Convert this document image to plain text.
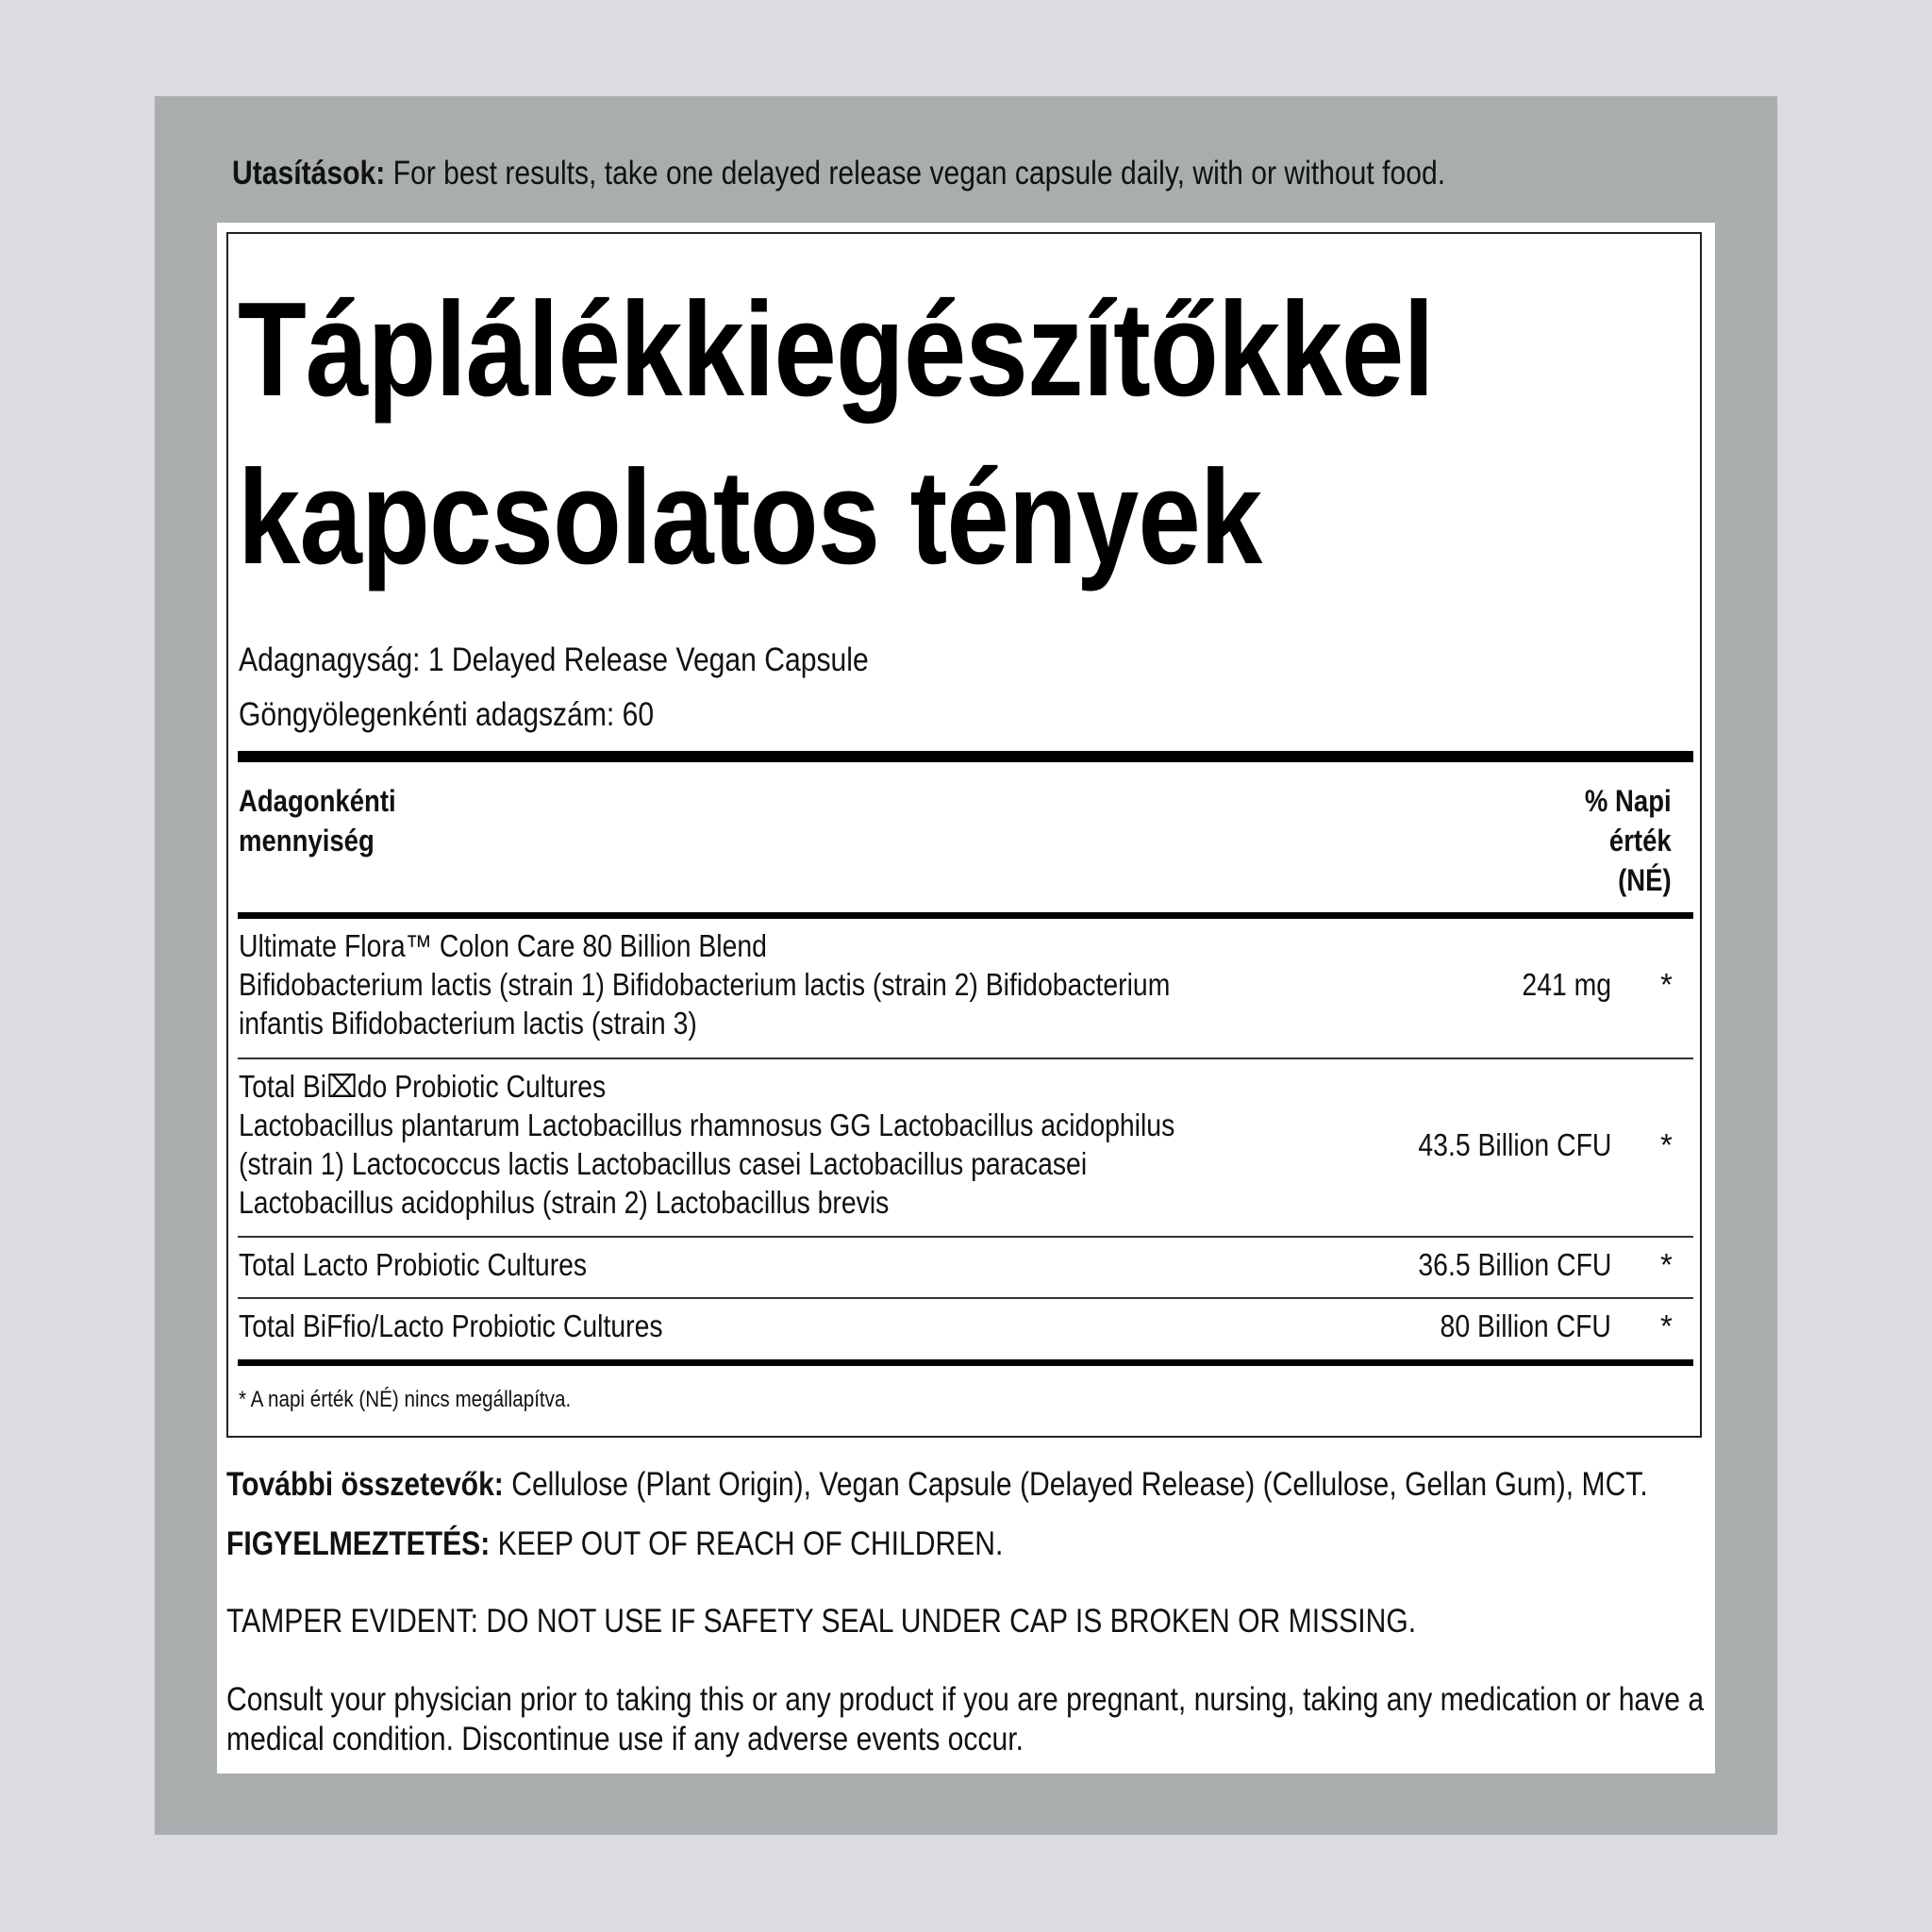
Utasítások: For best results, take one delayed release vegan capsule daily, with or without food.
Táplálékkiegészítőkkel
kapcsolatos tények
Adagnagyság: 1 Delayed Release Vegan Capsule
Göngyölegenkénti adagszám: 60
Adagonkénti
mennyiség
% Napi
érték
(NÉ)
Ultimate Flora™ Colon Care 80 Billion Blend
Bifidobacterium lactis (strain 1) Bifidobacterium lactis (strain 2) Bifidobacterium
infantis Bifidobacterium lactis (strain 3)
241 mg *
Total Bi⌧do Probiotic Cultures
Lactobacillus plantarum Lactobacillus rhamnosus GG Lactobacillus acidophilus
(strain 1) Lactococcus lactis Lactobacillus casei Lactobacillus paracasei
Lactobacillus acidophilus (strain 2) Lactobacillus brevis
43.5 Billion CFU *
Total Lacto Probiotic Cultures	36.5 Billion CFU *
Total BiFfio/Lacto Probiotic Cultures	80 Billion CFU *
* A napi érték (NÉ) nincs megállapítva.
További összetevők: Cellulose (Plant Origin), Vegan Capsule (Delayed Release) (Cellulose, Gellan Gum), MCT.
FIGYELMEZTETÉS: KEEP OUT OF REACH OF CHILDREN.
TAMPER EVIDENT: DO NOT USE IF SAFETY SEAL UNDER CAP IS BROKEN OR MISSING.
Consult your physician prior to taking this or any product if you are pregnant, nursing, taking any medication or have a
medical condition. Discontinue use if any adverse events occur.
